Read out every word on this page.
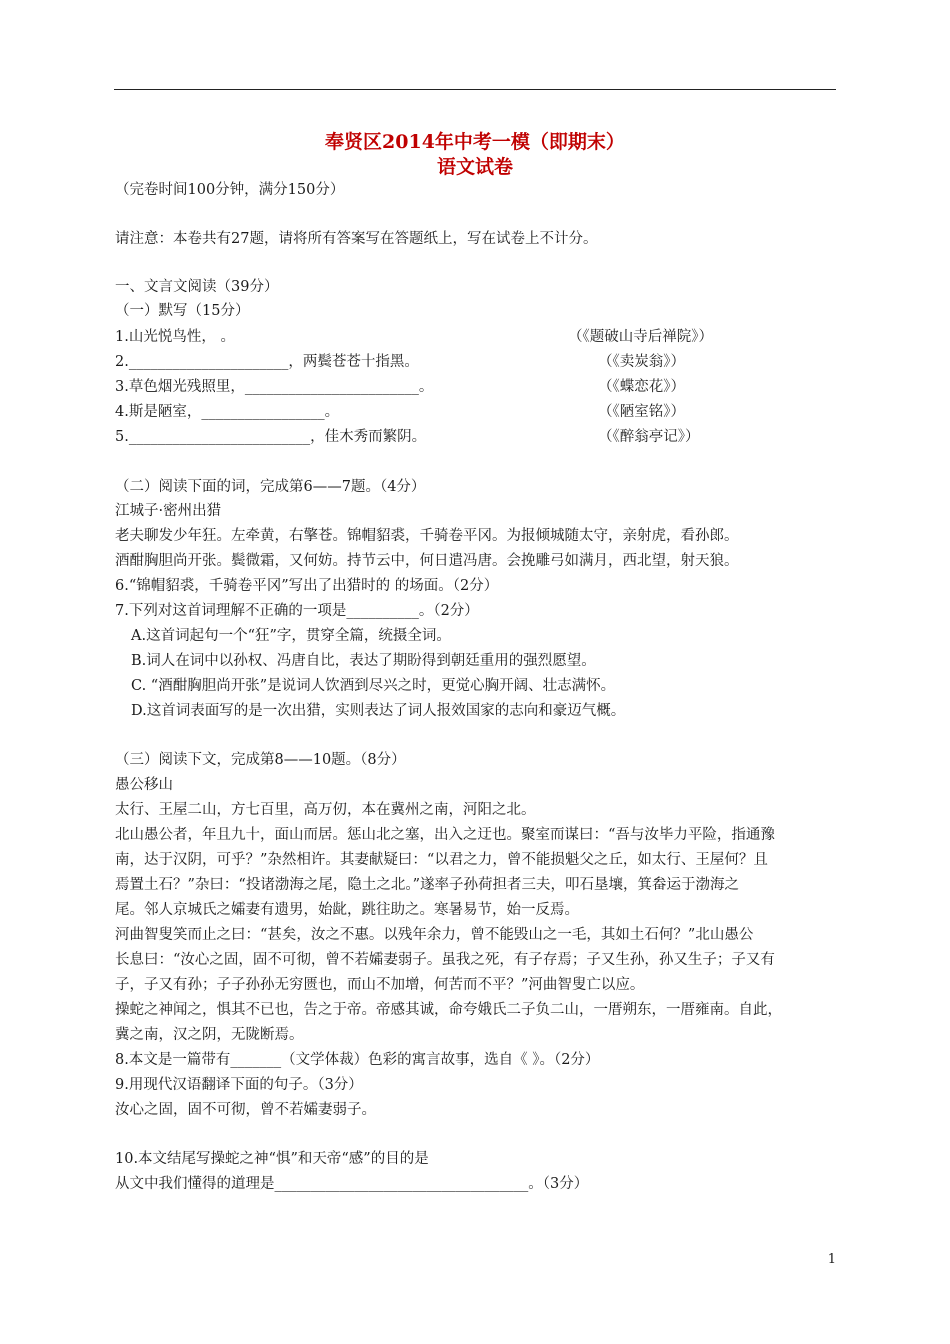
奉贤区2014年中考一模（即期末）
语文试卷
（完卷时间100分钟，满分150分）
请注意：本卷共有27题，请将所有答案写在答题纸上，写在试卷上不计分。
一、文言文阅读（39分）
（一）默写（15分）
1.山光悦鸟性， 。	（《题破山寺后禅院》）
2.______________________，两鬓苍苍十指黑。	（《卖炭翁》）
3.草色烟光残照里，________________________。	（《蝶恋花》）
4.斯是陋室，_________________。	（《陋室铭》）
5._________________________，佳木秀而繁阴。	（《醉翁亭记》）
（二）阅读下面的词，完成第6——7题。（4分）
江城子·密州出猎
老夫聊发少年狂。左牵黄，右擎苍。锦帽貂裘，千骑卷平冈。为报倾城随太守，亲射虎，看孙郎。
酒酣胸胆尚开张。鬓微霜，又何妨。持节云中，何日遣冯唐。会挽雕弓如满月，西北望，射天狼。
6.“锦帽貂裘，千骑卷平冈”写出了出猎时的 的场面。（2分）
7.下列对这首词理解不正确的一项是__________。（2分）
A.这首词起句一个“狂”字，贯穿全篇，统摄全词。
B.词人在词中以孙权、冯唐自比，表达了期盼得到朝廷重用的强烈愿望。
C. “酒酣胸胆尚开张”是说词人饮酒到尽兴之时，更觉心胸开阔、壮志满怀。
D.这首词表面写的是一次出猎，实则表达了词人报效国家的志向和豪迈气概。
（三）阅读下文，完成第8——10题。（8分）
愚公移山
太行、王屋二山，方七百里，高万仞，本在冀州之南，河阳之北。
北山愚公者，年且九十，面山而居。惩山北之塞，出入之迂也。聚室而谋曰：“吾与汝毕力平险，指通豫
南，达于汉阴，可乎？”杂然相许。其妻献疑曰：“以君之力，曾不能损魁父之丘，如太行、王屋何？且
焉置土石？”杂曰：“投诸渤海之尾，隐土之北。”遂率子孙荷担者三夫，叩石垦壤，箕畚运于渤海之
尾。邻人京城氏之孀妻有遗男，始龀，跳往助之。寒暑易节，始一反焉。
河曲智叟笑而止之曰：“甚矣，汝之不惠。以残年余力，曾不能毁山之一毛，其如土石何？”北山愚公
长息曰：“汝心之固，固不可彻，曾不若孀妻弱子。虽我之死，有子存焉；子又生孙，孙又生子；子又有
子，子又有孙；子子孙孙无穷匮也，而山不加增，何苦而不平？”河曲智叟亡以应。
操蛇之神闻之，惧其不已也，告之于帝。帝感其诚，命夸娥氏二子负二山，一厝朔东，一厝雍南。自此，
冀之南，汉之阴，无陇断焉。
8.本文是一篇带有_______（文学体裁）色彩的寓言故事，选自《 》。（2分）
9.用现代汉语翻译下面的句子。（3分）
汝心之固，固不可彻，曾不若孀妻弱子。
10.本文结尾写操蛇之神“惧”和天帝“感”的目的是
从文中我们懂得的道理是___________________________________。（3分）
1
